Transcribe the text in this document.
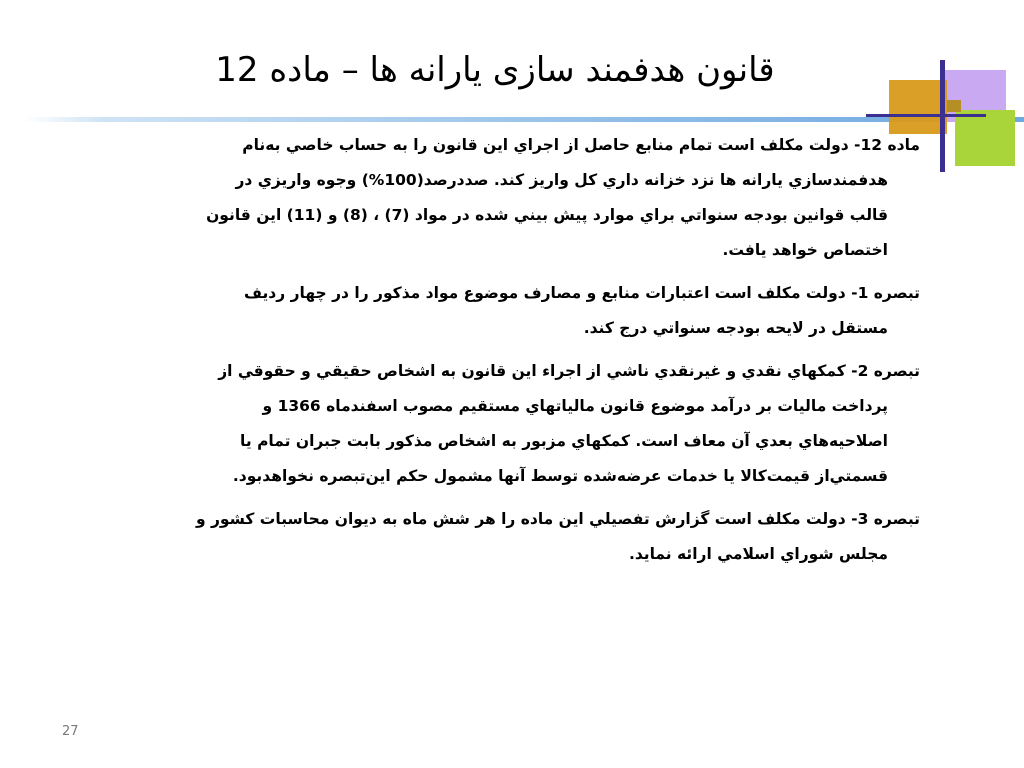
قانون هدفمند سازی یارانه ها – ماده 12
ماده 12- دولت مكلف است تمام منابع حاصل از اجراي اين قانون را به حساب خاصي به‌نام
هدفمندسازي يارانه ها نزد خزانه داري كل واريز كند. صددرصد(100%) وجوه واريزي در
قالب قوانين بودجه سنواتي براي موارد پيش بيني شده در مواد (7) ، (8) و (11) اين قانون
اختصاص خواهد يافت.
تبصره 1- دولت مكلف است اعتبارات منابع و مصارف موضوع مواد مذكور را در چهار رديف
مستقل در لايحه بودجه سنواتي درج كند.
تبصره 2- كمكهاي نقدي و غيرنقدي ناشي از اجراء اين قانون به اشخاص حقيقي و حقوقي از
پرداخت ماليات بر درآمد موضوع قانون مالياتهاي مستقيم مصوب اسفندماه 1366 و
اصلاحيه‌هاي بعدي آن معاف است. كمكهاي مزبور به اشخاص مذكور بابت جبران تمام يا
قسمتي‌از قيمت‌كالا يا خدمات عرضه‌شده توسط آنها مشمول حكم اين‌تبصره نخواهدبود.
تبصره 3- دولت مكلف است گزارش تفصيلي اين ماده را هر شش ماه به ديوان محاسبات كشور و
مجلس شوراي اسلامي ارائه نمايد.
27
